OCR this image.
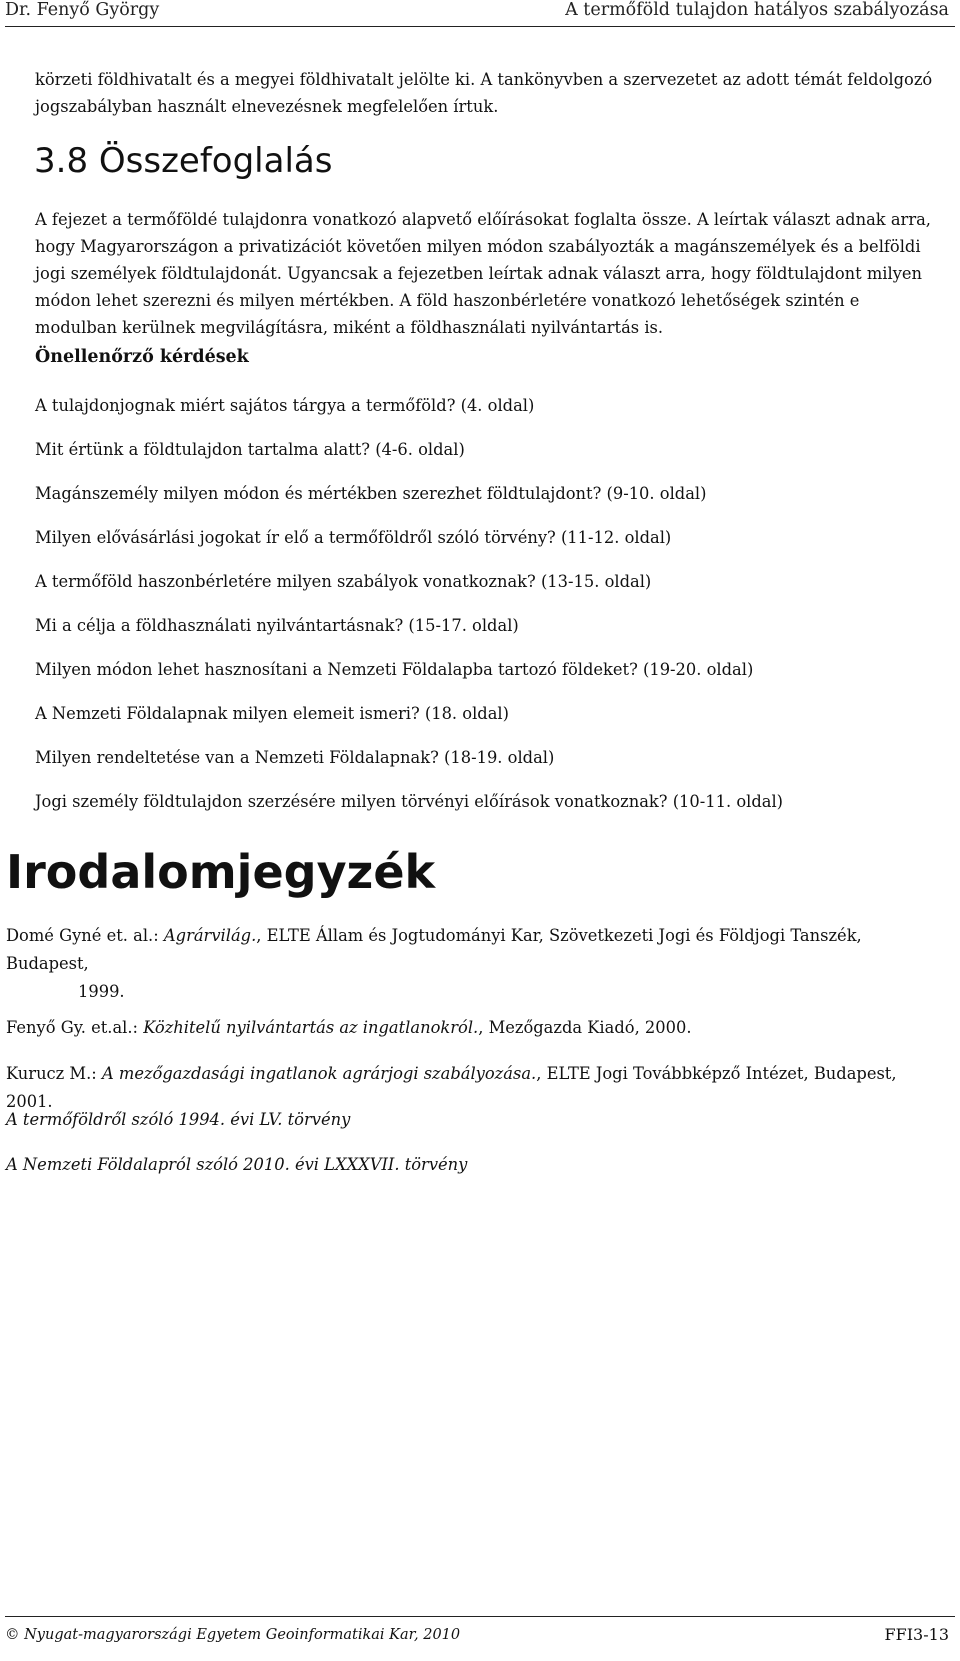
Dr. Fenyő György	A termőföld tulajdon hatályos szabályozása

körzeti földhivatalt és a megyei földhivatalt jelölte ki. A tankönyvben a szervezetet az adott témát feldolgozó jogszabályban használt elnevezésnek megfelelően írtuk.

3.8 Összefoglalás

A fejezet a termőföldé tulajdonra vonatkozó alapvető előírásokat foglalta össze. A leírtak választ adnak arra, hogy Magyarországon a privatizációt követően milyen módon szabályozták a magánszemélyek és a belföldi jogi személyek földtulajdonát. Ugyancsak a fejezetben leírtak adnak választ arra, hogy földtulajdont milyen módon lehet szerezni és milyen mértékben. A föld haszonbérletére vonatkozó lehetőségek szintén e modulban kerülnek megvilágításra, miként a földhasználati nyilvántartás is.

Önellenőrző kérdések
A tulajdonjognak miért sajátos tárgya a termőföld? (4. oldal)
Mit értünk a földtulajdon tartalma alatt? (4-6. oldal)
Magánszemély milyen módon és mértékben szerezhet földtulajdont? (9-10. oldal)
Milyen elővásárlási jogokat ír elő a termőföldről szóló törvény? (11-12. oldal)
A termőföld haszonbérletére milyen szabályok vonatkoznak? (13-15. oldal)
Mi a célja a földhasználati nyilvántartásnak? (15-17. oldal)
Milyen módon lehet hasznosítani a Nemzeti Földalapba tartozó földeket? (19-20. oldal)
A Nemzeti Földalapnak milyen elemeit ismeri? (18. oldal)
Milyen rendeltetése van a Nemzeti Földalapnak? (18-19. oldal)
Jogi személy földtulajdon szerzésére milyen törvényi előírások vonatkoznak? (10-11. oldal)
Irodalomjegyzék
Domé Gyné et. al.: Agrárvilág., ELTE Állam és Jogtudományi Kar, Szövetkezeti Jogi és Földjogi Tanszék, Budapest,
1999.
Fenyő Gy. et.al.: Közhitelű nyilvántartás az ingatlanokról., Mezőgazda Kiadó, 2000.
Kurucz M.: A mezőgazdasági ingatlanok agrárjogi szabályozása., ELTE Jogi Továbbképző Intézet, Budapest, 2001.
A termőföldről szóló 1994. évi LV. törvény
A Nemzeti Földalapról szóló 2010. évi LXXXVII. törvény
© Nyugat-magyarországi Egyetem Geoinformatikai Kar, 2010	FFI3-13
